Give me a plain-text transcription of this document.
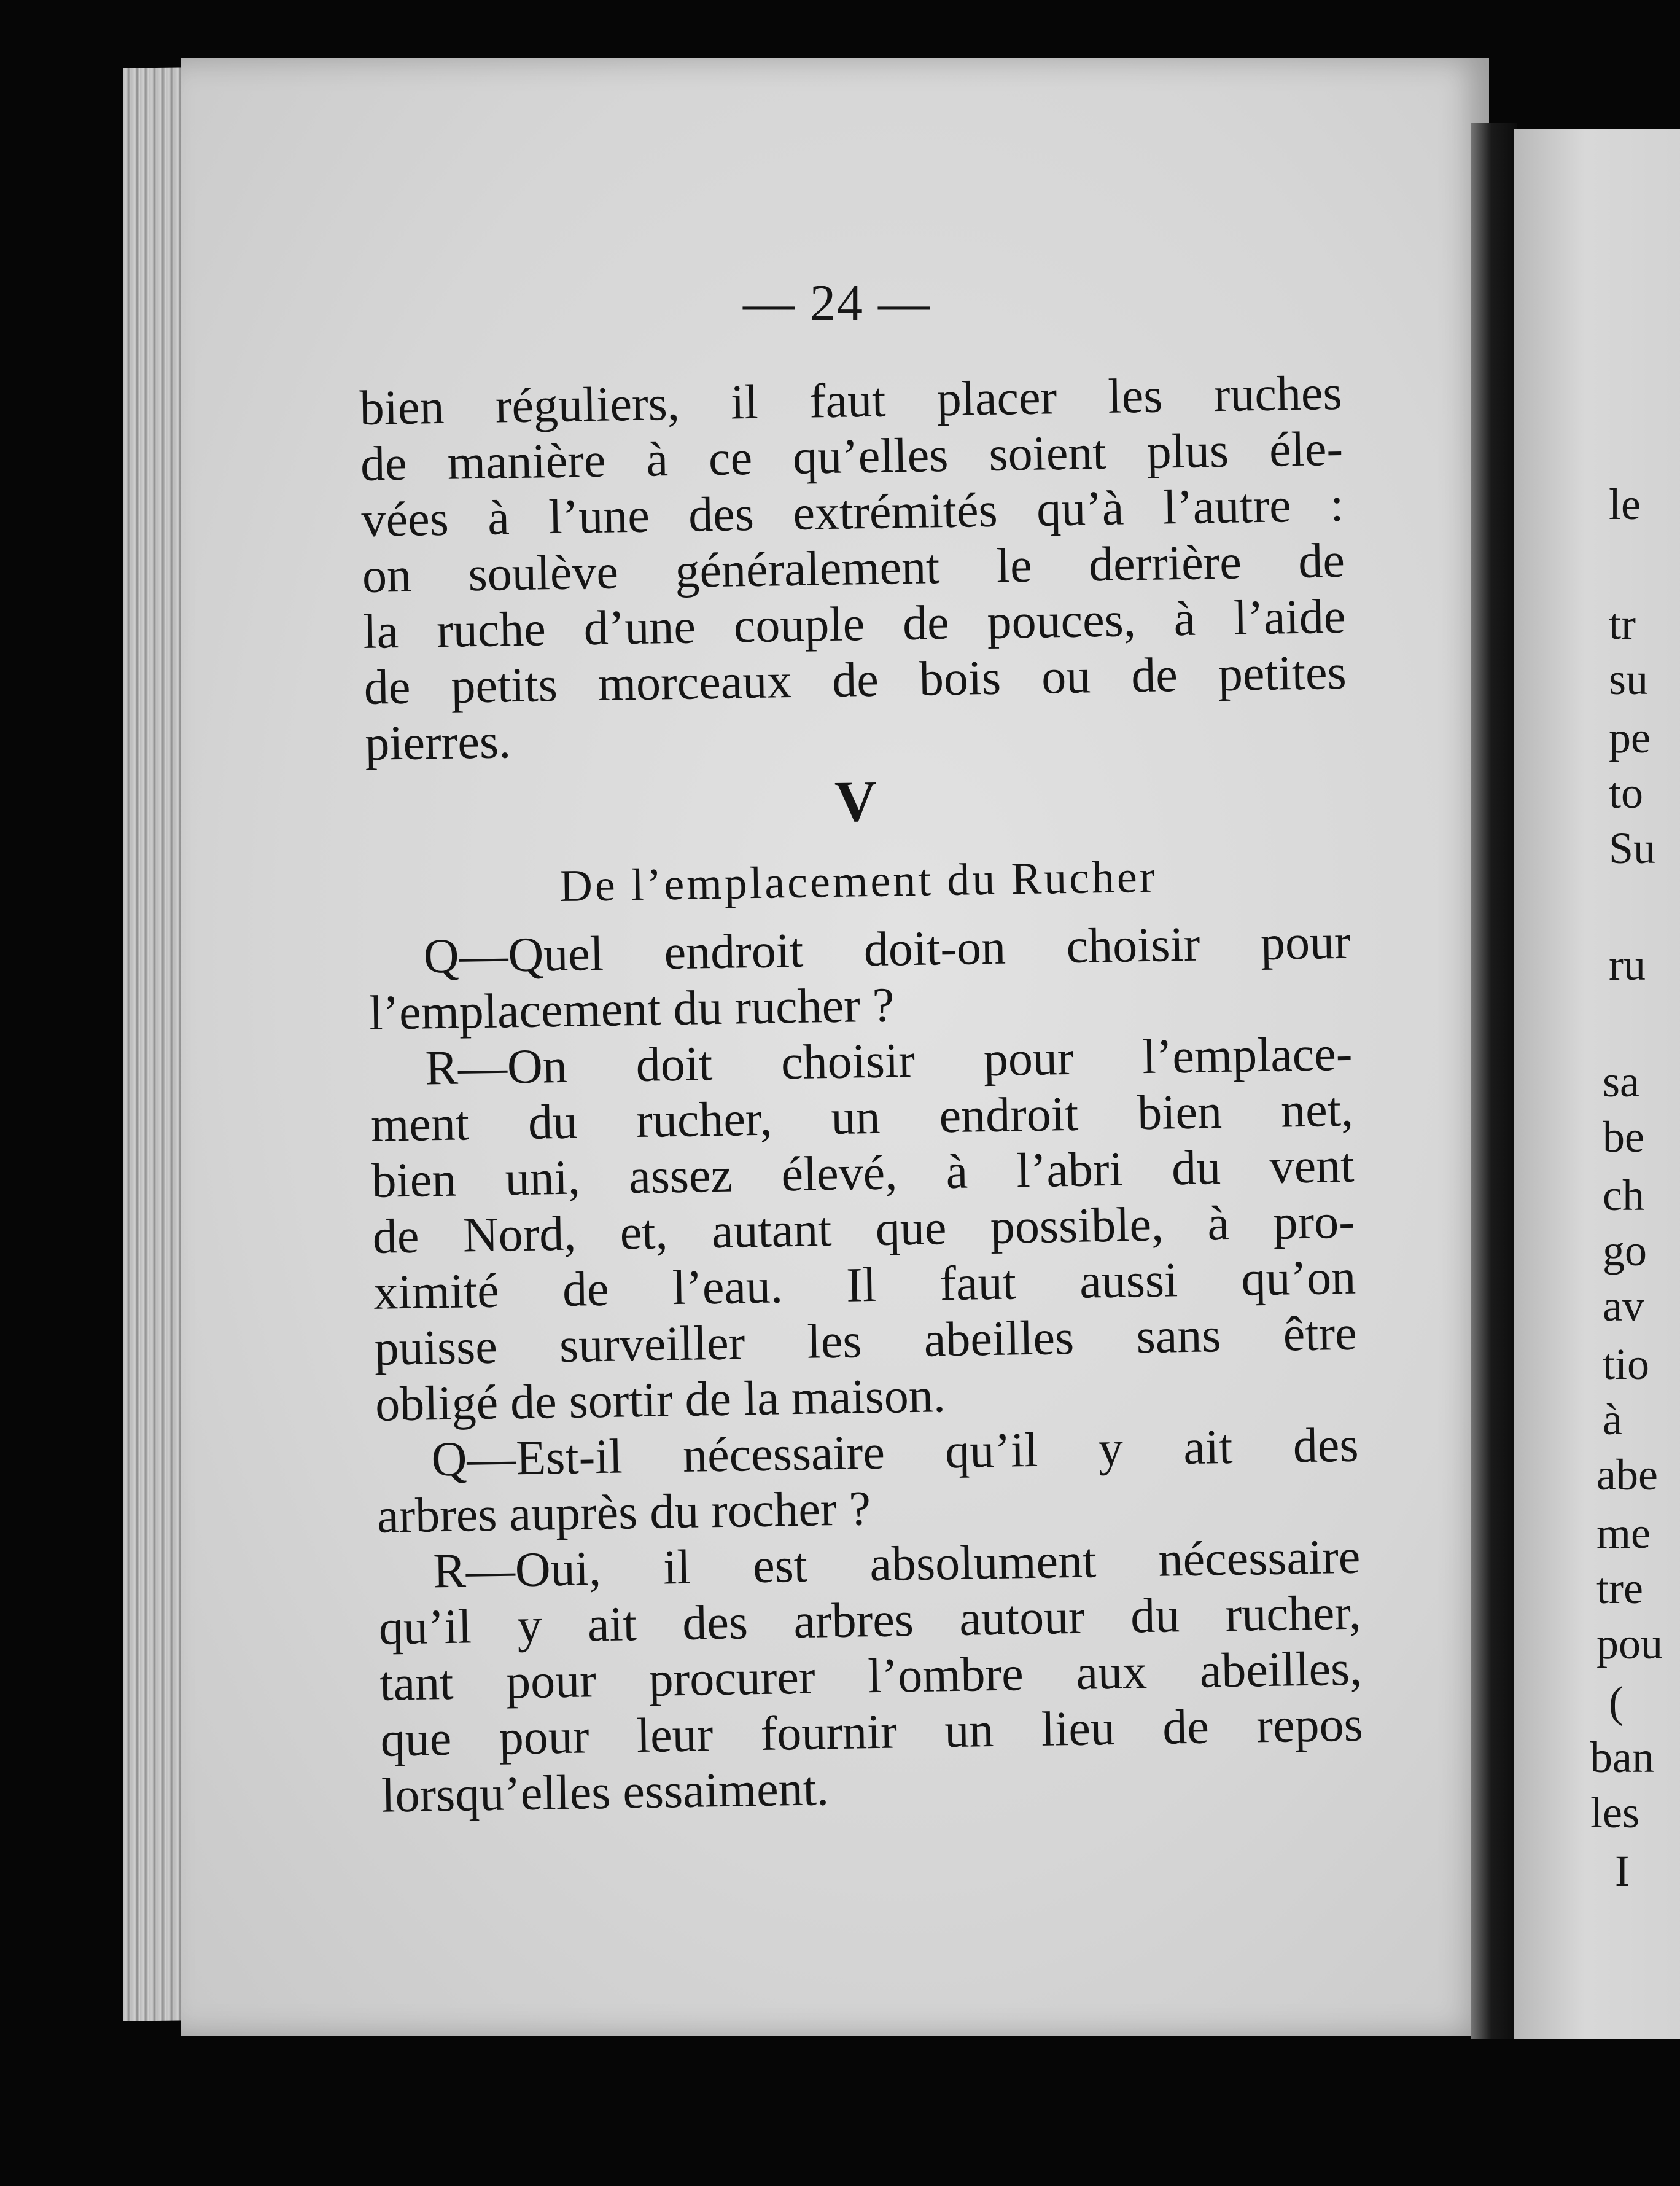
— 24 —
bien réguliers, il faut placer les ruches
de manière à ce qu’elles soient plus éle-
vées à l’une des extrémités qu’à l’autre :
on soulève généralement le derrière de
la ruche d’une couple de pouces, à l’aide
de petits morceaux de bois ou de petites
pierres.
V
De l’emplacement du Rucher
Q—Quel endroit doit-on choisir pour
l’emplacement du rucher ?
R—On doit choisir pour l’emplace-
ment du rucher, un endroit bien net,
bien uni, assez élevé, à l’abri du vent
de Nord, et, autant que possible, à pro-
ximité de l’eau. Il faut aussi qu’on
puisse surveiller les abeilles sans être
obligé de sortir de la maison.
Q—Est-il nécessaire qu’il y ait des
arbres auprès du rocher ?
R—Oui, il est absolument nécessaire
qu’il y ait des arbres autour du rucher,
tant pour procurer l’ombre aux abeilles,
que pour leur fournir un lieu de repos
lorsqu’elles essaiment.
le
tr
su
pe
to
Su
ru
sa
be
ch
go
av
tio
à
abe
me
tre
pou
(
ban
les
I
